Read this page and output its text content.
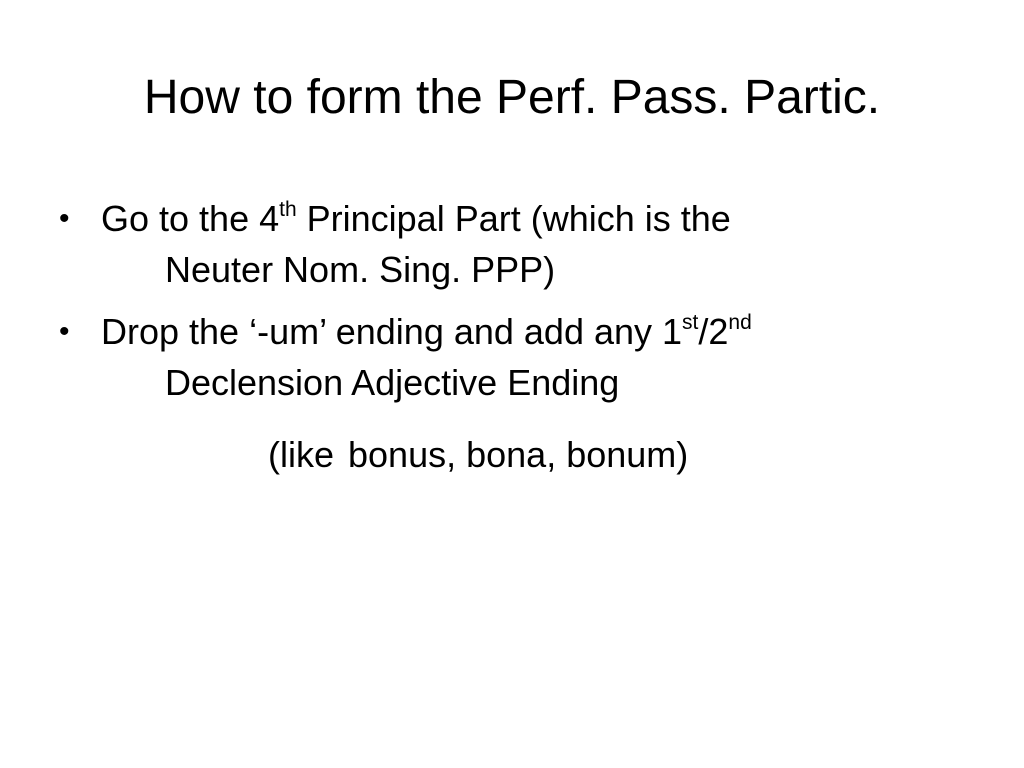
How to form the Perf. Pass. Partic.
• Go to the 4th Principal Part (which is the
Neuter Nom. Sing. PPP)
• Drop the ‘-um’ ending and add any 1st/2nd
Declension Adjective Ending
(like bonus, bona, bonum)
